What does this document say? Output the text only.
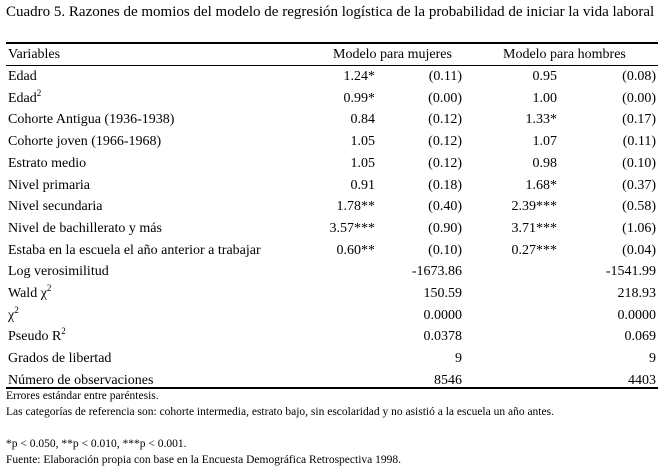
Cuadro 5. Razones de momios del modelo de regresión logística de la probabilidad de iniciar la vida laboral
Variables	Modelo para mujeres	Modelo para hombres
Edad	1.24*	(0.11)	0.95	(0.08)
Edad$^2$	0.99*	(0.00)	1.00	(0.00)
Cohorte Antigua (1936-1938)	0.84	(0.12)	1.33*	(0.17)
Cohorte joven (1966-1968)	1.05	(0.12)	1.07	(0.11)
Estrato medio	1.05	(0.12)	0.98	(0.10)
Nivel primaria	0.91	(0.18)	1.68*	(0.37)
Nivel secundaria	1.78**	(0.40)	2.39***	(0.58)
Nivel de bachillerato y más	3.57***	(0.90)	3.71***	(1.06)
Estaba en la escuela el año anterior a trabajar	0.60**	(0.10)	0.27***	(0.04)
Log verosimilitud	-1673.86	-1541.99
Wald $\chi^2$	150.59	218.93
$\chi^2$	0.0000	0.0000
Pseudo $R^2$	0.0378	0.069
Grados de libertad	9	9
Número de observaciones	8546	4403
Errores estándar entre paréntesis.
Las categorías de referencia son: cohorte intermedia, estrato bajo, sin escolaridad y no asistió a la escuela un año antes.
*p < 0.050, **p < 0.010, ***p < 0.001.
Fuente: Elaboración propia con base en la Encuesta Demográfica Retrospectiva 1998.
